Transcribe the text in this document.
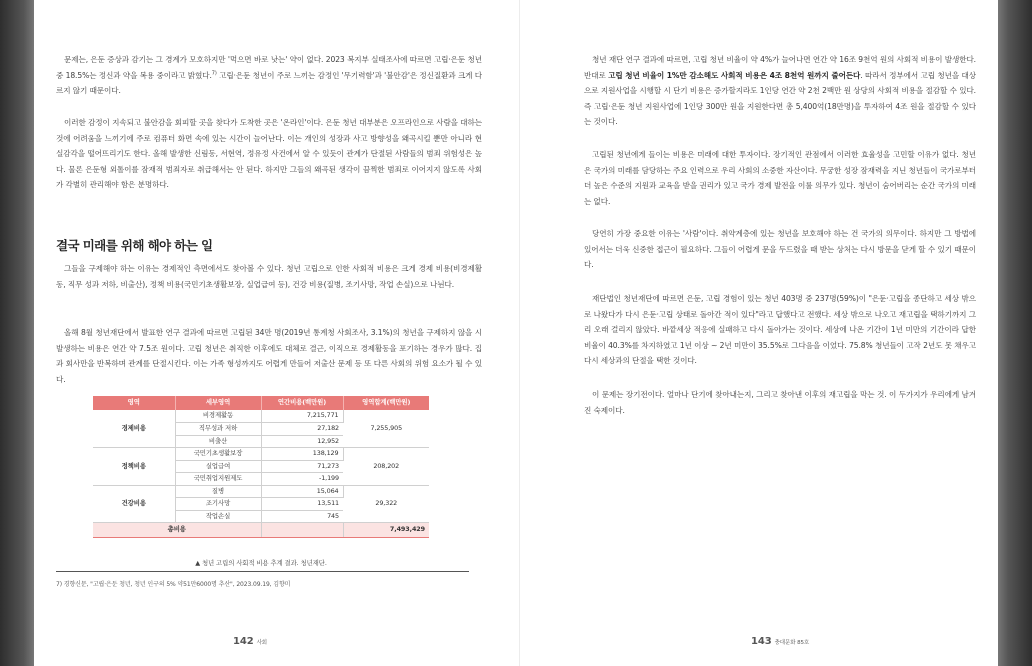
문제는, 은둔 증상과 감기는 그 경계가 모호하지만 '먹으면 바로 낫는' 약이 없다. 2023 복지부 실태조사에 따르면 고립·은둔 청년 중 18.5%는 정신과 약을 복용 중이라고 밝혔다.$^{7)}$ 고립·은둔 청년이 주로 느끼는 감정인 '무기력함'과 '불안감'은 정신질환과 크게 다르지 않기 때문이다.

이러한 감정이 지속되고 불안감을 회피할 곳을 찾다가 도착한 곳은 '온라인'이다. 은둔 청년 대부분은 오프라인으로 사람을 대하는 것에 어려움을 느끼기에 주로 컴퓨터 화면 속에 있는 시간이 늘어난다. 이는 개인의 성장과 사고 방향성을 왜곡시킬 뿐만 아니라 현실감각을 떨어뜨리기도 한다. 올해 발생한 신림동, 서현역, 정유정 사건에서 알 수 있듯이 관계가 단절된 사람들의 범죄 위험성은 높다. 물론 은둔형 외톨이를 잠재적 범죄자로 취급해서는 안 된다. 하지만 그들의 왜곡된 생각이 끔찍한 범죄로 이어지지 않도록 사회가 각별히 관리해야 함은 분명하다.

결국 미래를 위해 해야 하는 일

그들을 구제해야 하는 이유는 경제적인 측면에서도 찾아볼 수 있다. 청년 고립으로 인한 사회적 비용은 크게 경제 비용(비경제활동, 직무 성과 저하, 비출산), 정책 비용(국민기초생활보장, 실업급여 등), 건강 비용(질병, 조기사망, 작업 손실)으로 나뉜다.

올해 8월 청년재단에서 발표한 연구 결과에 따르면 고립된 34만 명(2019년 통계청 사회조사, 3.1%)의 청년을 구제하지 않을 시 발생하는 비용은 연간 약 7.5조 원이다. 고립 청년은 취직한 이후에도 대체로 결근, 이직으로 경제활동을 포기하는 경우가 많다. 집과 회사만을 반복하며 관계를 단절시킨다. 이는 가족 형성까지도 어렵게 만들어 저출산 문제 등 또 다른 사회의 위험 요소가 될 수 있다.

영역	세부영역	연간비용(백만원)	영역합계(백만원)
경제비용	비경제활동	7,215,771	7,255,905
	직무성과 저하	27,182	
	비출산	12,952	
정책비용	국민기초생활보장	138,129	208,202
	실업급여	71,273	
	국민취업지원제도	-1,199	
건강비용	질병	15,064	29,322
	조기사망	13,511	
	작업손실	745	
총비용			7,493,429

▲ 청년 고립의 사회적 비용 추계 결과. 청년재단.

7) 경향신문, "고립·은둔 청년, 청년 인구의 5% 약51만6000명 추산", 2023.09.19, 김향미

142 사회

청년 재단 연구 결과에 따르면, 고립 청년 비율이 약 4%가 늘어나면 연간 약 16조 9천억 원의 사회적 비용이 발생한다. 반대로 고립 청년 비율이 1%만 감소해도 사회적 비용은 4조 8천억 원까지 줄어든다. 따라서 정부에서 고립 청년을 대상으로 지원사업을 시행할 시 단기 비용은 증가할지라도 1인당 연간 약 2천 2백만 원 상당의 사회적 비용을 절감할 수 있다. 즉 고립·은둔 청년 지원사업에 1인당 300만 원을 지원한다면 총 5,400억(18만명)을 투자하여 4조 원을 절감할 수 있다는 것이다.

고립된 청년에게 들이는 비용은 미래에 대한 투자이다. 장기적인 관점에서 이러한 효율성을 고민할 이유가 없다. 청년은 국가의 미래를 담당하는 주요 인력으로 우리 사회의 소중한 자산이다. 무궁한 성장 잠재력을 지닌 청년들이 국가로부터 더 높은 수준의 지원과 교육을 받을 권리가 있고 국가 경제 발전을 이룰 의무가 있다. 청년이 숨어버리는 순간 국가의 미래는 없다.

당연히 가장 중요한 이유는 '사람'이다. 취약계층에 있는 청년을 보호해야 하는 건 국가의 의무이다. 하지만 그 방법에 있어서는 더욱 신중한 접근이 필요하다. 그들이 어렵게 문을 두드렸을 때 받는 상처는 다시 방문을 닫게 할 수 있기 때문이다.

재단법인 청년재단에 따르면 은둔, 고립 경험이 있는 청년 403명 중 237명(59%)이 "은둔·고립을 종단하고 세상 밖으로 나왔다가 다시 은둔·고립 상태로 돌아간 적이 있다"라고 답했다고 전했다. 세상 밖으로 나오고 재고립을 택하기까지 그리 오래 걸리지 않았다. 바깥세상 적응에 실패하고 다시 돌아가는 것이다. 세상에 나온 기간이 1년 미만의 기간이라 답한 비율이 40.3%를 차지하였고 1년 이상 ~ 2년 미만이 35.5%로 그다음을 이었다. 75.8% 청년들이 고작 2년도 못 채우고 다시 세상과의 단절을 택한 것이다.

이 문제는 장기전이다. 얼마나 단기에 찾아내는지, 그리고 찾아낸 이후의 재고립을 막는 것. 이 두가지가 우리에게 남겨진 숙제이다.

143 충대문화 85호
